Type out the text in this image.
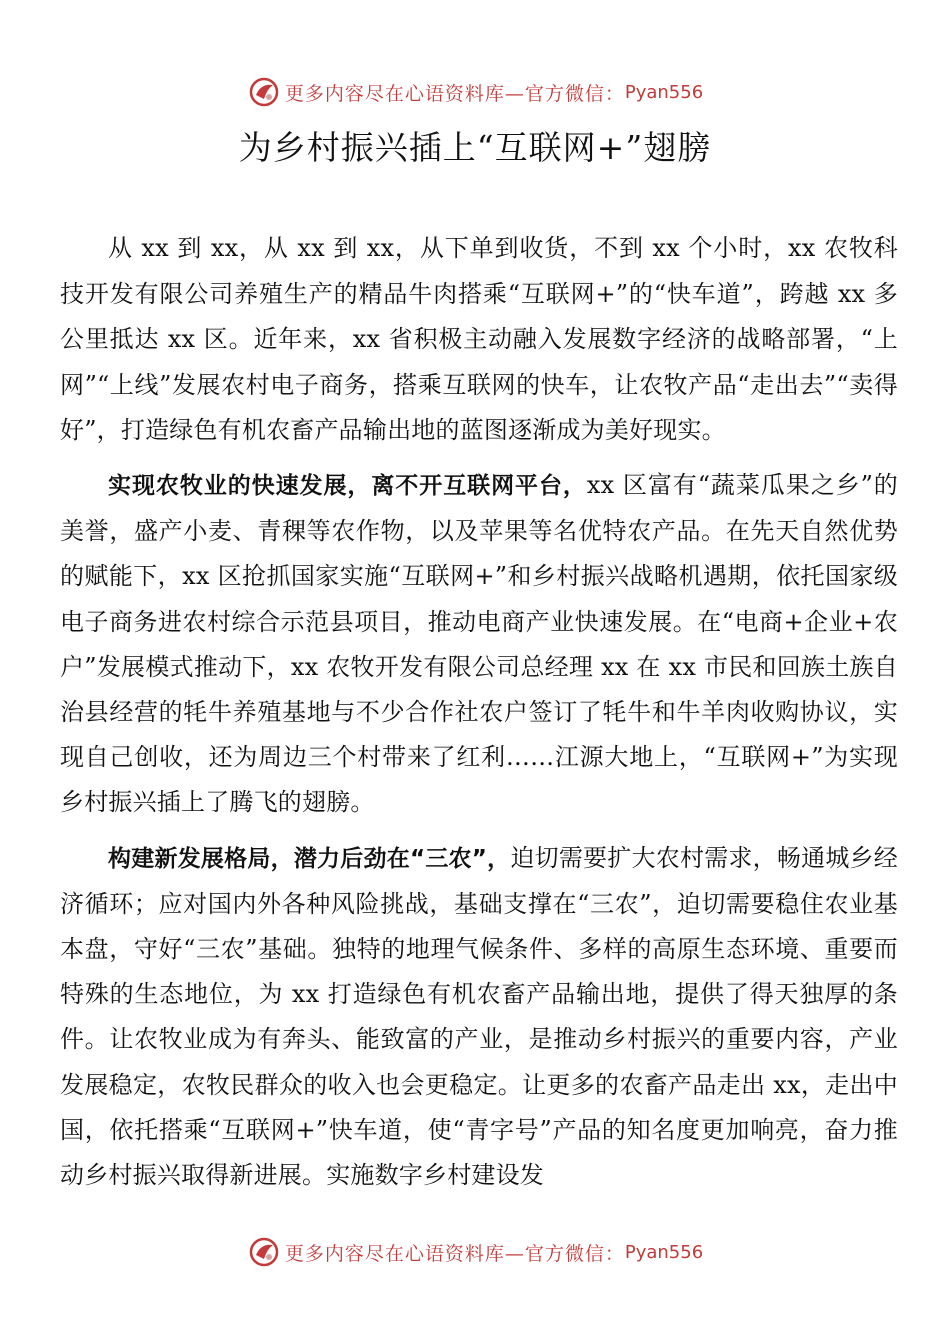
更多内容尽在心语资料库—官方微信： Pyan556
为乡村振兴插上“互联网+”翅膀

从 xx 到 xx，从 xx 到 xx，从下单到收货，不到 xx 个小时，xx 农牧科技开发有限公司养殖生产的精品牛肉搭乘“互联网+”的“快车道”，跨越 xx 多公里抵达 xx 区。近年来，xx 省积极主动融入发展数字经济的战略部署，“上网”“上线”发展农村电子商务，搭乘互联网的快车，让农牧产品“走出去”“卖得好”，打造绿色有机农畜产品输出地的蓝图逐渐成为美好现实。

实现农牧业的快速发展，离不开互联网平台，xx 区富有“蔬菜瓜果之乡”的美誉，盛产小麦、青稞等农作物，以及苹果等名优特农产品。在先天自然优势的赋能下，xx 区抢抓国家实施“互联网+”和乡村振兴战略机遇期，依托国家级电子商务进农村综合示范县项目，推动电商产业快速发展。在“电商+企业+农户”发展模式推动下，xx 农牧开发有限公司总经理 xx 在 xx 市民和回族土族自治县经营的牦牛养殖基地与不少合作社农户签订了牦牛和牛羊肉收购协议，实现自己创收，还为周边三个村带来了红利……江源大地上，“互联网+”为实现乡村振兴插上了腾飞的翅膀。

构建新发展格局，潜力后劲在“三农”，迫切需要扩大农村需求，畅通城乡经济循环；应对国内外各种风险挑战，基础支撑在“三农”，迫切需要稳住农业基本盘，守好“三农”基础。独特的地理气候条件、多样的高原生态环境、重要而特殊的生态地位，为 xx 打造绿色有机农畜产品输出地，提供了得天独厚的条件。让农牧业成为有奔头、能致富的产业，是推动乡村振兴的重要内容，产业发展稳定，农牧民群众的收入也会更稳定。让更多的农畜产品走出 xx，走出中国，依托搭乘“互联网+”快车道，使“青字号”产品的知名度更加响亮，奋力推动乡村振兴取得新进展。实施数字乡村建设发

更多内容尽在心语资料库—官方微信： Pyan556
